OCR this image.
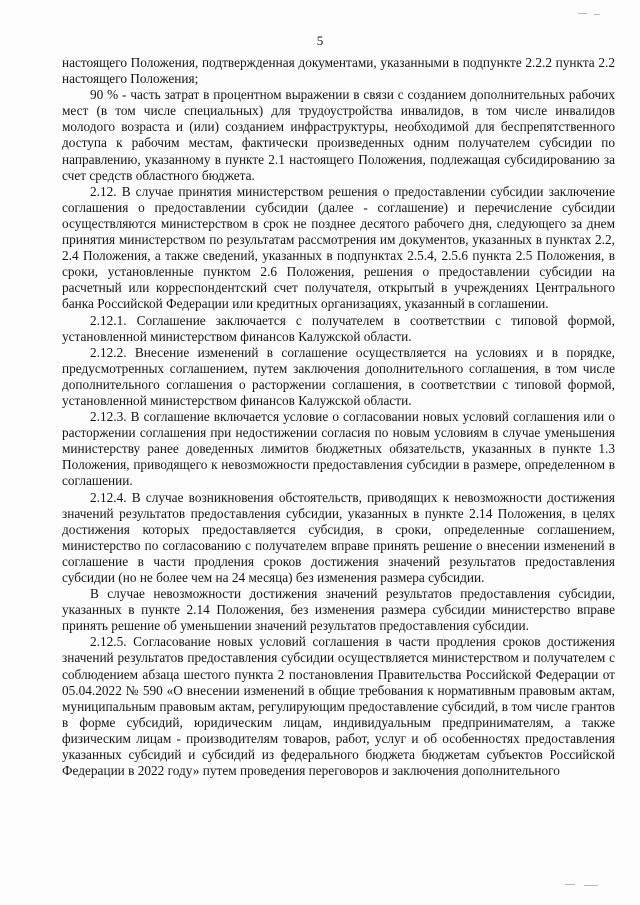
5

настоящего Положения, подтвержденная документами, указанными в подпункте 2.2.2 пункта 2.2 настоящего Положения;

90 % - часть затрат в процентном выражении в связи с созданием дополнительных рабочих мест (в том числе специальных) для трудоустройства инвалидов, в том числе инвалидов молодого возраста и (или) созданием инфраструктуры, необходимой для беспрепятственного доступа к рабочим местам, фактически произведенных одним получателем субсидии по направлению, указанному в пункте 2.1 настоящего Положения, подлежащая субсидированию за счет средств областного бюджета.

2.12. В случае принятия министерством решения о предоставлении субсидии заключение соглашения о предоставлении субсидии (далее - соглашение) и перечисление субсидии осуществляются министерством в срок не позднее десятого рабочего дня, следующего за днем принятия министерством по результатам рассмотрения им документов, указанных в пунктах 2.2, 2.4 Положения, а также сведений, указанных в подпунктах 2.5.4, 2.5.6 пункта 2.5 Положения, в сроки, установленные пунктом 2.6 Положения, решения о предоставлении субсидии на расчетный или корреспондентский счет получателя, открытый в учреждениях Центрального банка Российской Федерации или кредитных организациях, указанный в соглашении.

2.12.1. Соглашение заключается с получателем в соответствии с типовой формой, установленной министерством финансов Калужской области.

2.12.2. Внесение изменений в соглашение осуществляется на условиях и в порядке, предусмотренных соглашением, путем заключения дополнительного соглашения, в том числе дополнительного соглашения о расторжении соглашения, в соответствии с типовой формой, установленной министерством финансов Калужской области.

2.12.3. В соглашение включается условие о согласовании новых условий соглашения или о расторжении соглашения при недостижении согласия по новым условиям в случае уменьшения министерству ранее доведенных лимитов бюджетных обязательств, указанных в пункте 1.3 Положения, приводящего к невозможности предоставления субсидии в размере, определенном в соглашении.

2.12.4. В случае возникновения обстоятельств, приводящих к невозможности достижения значений результатов предоставления субсидии, указанных в пункте 2.14 Положения, в целях достижения которых предоставляется субсидия, в сроки, определенные соглашением, министерство по согласованию с получателем вправе принять решение о внесении изменений в соглашение в части продления сроков достижения значений результатов предоставления субсидии (но не более чем на 24 месяца) без изменения размера субсидии.

В случае невозможности достижения значений результатов предоставления субсидии, указанных в пункте 2.14 Положения, без изменения размера субсидии министерство вправе принять решение об уменьшении значений результатов предоставления субсидии.

2.12.5. Согласование новых условий соглашения в части продления сроков достижения значений результатов предоставления субсидии осуществляется министерством и получателем с соблюдением абзаца шестого пункта 2 постановления Правительства Российской Федерации от 05.04.2022 № 590 «О внесении изменений в общие требования к нормативным правовым актам, муниципальным правовым актам, регулирующим предоставление субсидий, в том числе грантов в форме субсидий, юридическим лицам, индивидуальным предпринимателям, а также физическим лицам - производителям товаров, работ, услуг и об особенностях предоставления указанных субсидий и субсидий из федерального бюджета бюджетам субъектов Российской Федерации в 2022 году» путем проведения переговоров и заключения дополнительного
